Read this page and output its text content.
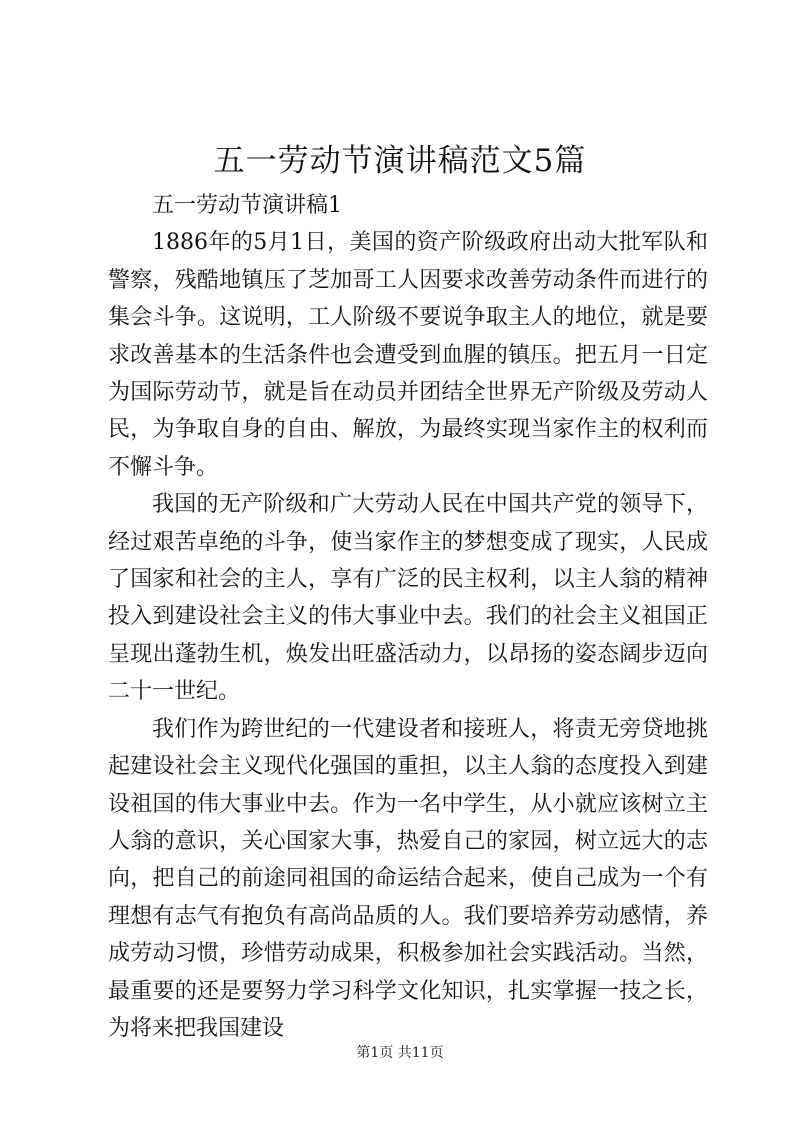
五一劳动节演讲稿范文5篇

五一劳动节演讲稿1

1886年的5月1日，美国的资产阶级政府出动大批军队和警察，残酷地镇压了芝加哥工人因要求改善劳动条件而进行的集会斗争。这说明，工人阶级不要说争取主人的地位，就是要求改善基本的生活条件也会遭受到血腥的镇压。把五月一日定为国际劳动节，就是旨在动员并团结全世界无产阶级及劳动人民，为争取自身的自由、解放，为最终实现当家作主的权利而不懈斗争。

我国的无产阶级和广大劳动人民在中国共产党的领导下，经过艰苦卓绝的斗争，使当家作主的梦想变成了现实，人民成了国家和社会的主人，享有广泛的民主权利，以主人翁的精神投入到建设社会主义的伟大事业中去。我们的社会主义祖国正呈现出蓬勃生机，焕发出旺盛活动力，以昂扬的姿态阔步迈向二十一世纪。

我们作为跨世纪的一代建设者和接班人，将责无旁贷地挑起建设社会主义现代化强国的重担，以主人翁的态度投入到建设祖国的伟大事业中去。作为一名中学生，从小就应该树立主人翁的意识，关心国家大事，热爱自己的家园，树立远大的志向，把自己的前途同祖国的命运结合起来，使自己成为一个有理想有志气有抱负有高尚品质的人。我们要培养劳动感情，养成劳动习惯，珍惜劳动成果，积极参加社会实践活动。当然，最重要的还是要努力学习科学文化知识，扎实掌握一技之长，为将来把我国建设

第1页 共11页
